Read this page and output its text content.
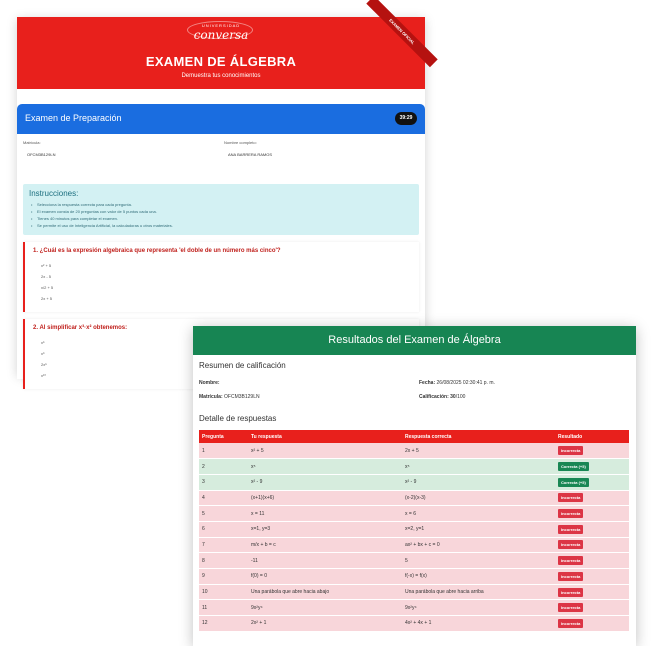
UNIVERSIDAD
conversa	EXAMEN OFICIAL
EXAMEN DE ÁLGEBRA
Demuestra tus conocimientos
Examen de Preparación	39:29
Matrícula:
OFCM3B129LN
Nombre completo:
ANA BARRERA RAMOS
Instrucciones:
• Selecciona la respuesta correcta para cada pregunta.
• El examen consta de 20 preguntas con valor de 5 puntos cada una.
• Tienes 40 minutos para completar el examen.
• Se permite el uso de Inteligencia Artificial, la calculadoras u otros materiales.
1. ¿Cuál es la expresión algebraica que representa 'el doble de un número más cinco'?
x² + 5
2x - 5
x/2 + 5
2x + 5
2. Al simplificar x³·x² obtenemos:
x⁵
x⁶
2x⁵
x¹⁰
Resultados del Examen de Álgebra
Resumen de calificación
Nombre:	Fecha: 26/08/2025 02:30:41 p. m.
Matrícula: OFCM3B129LN	Calificación: 30/100
Detalle de respuestas
Pregunta	Tu respuesta	Respuesta correcta	Resultado
1	x² + 5	2x + 5	Incorrecta
2	x⁵	x⁵	Correcta (+5)
3	x² - 9	x² - 9	Correcta (+5)
4	(x+1)(x+6)	(x-2)(x-3)	Incorrecta
5	x = 11	x = 6	Incorrecta
6	x=1, y=3	x=2, y=1	Incorrecta
7	m/x + b = c	ax² + bx + c = 0	Incorrecta
8	-11	5	Incorrecta
9	f(0) = 0	f(-x) = f(x)	Incorrecta
10	Una parábola que abre hacia abajo	Una parábola que abre hacia arriba	Incorrecta
11	9x²y⁴	9x²y⁴	Incorrecta
12	2x² + 1	4x² + 4x + 1	Incorrecta
